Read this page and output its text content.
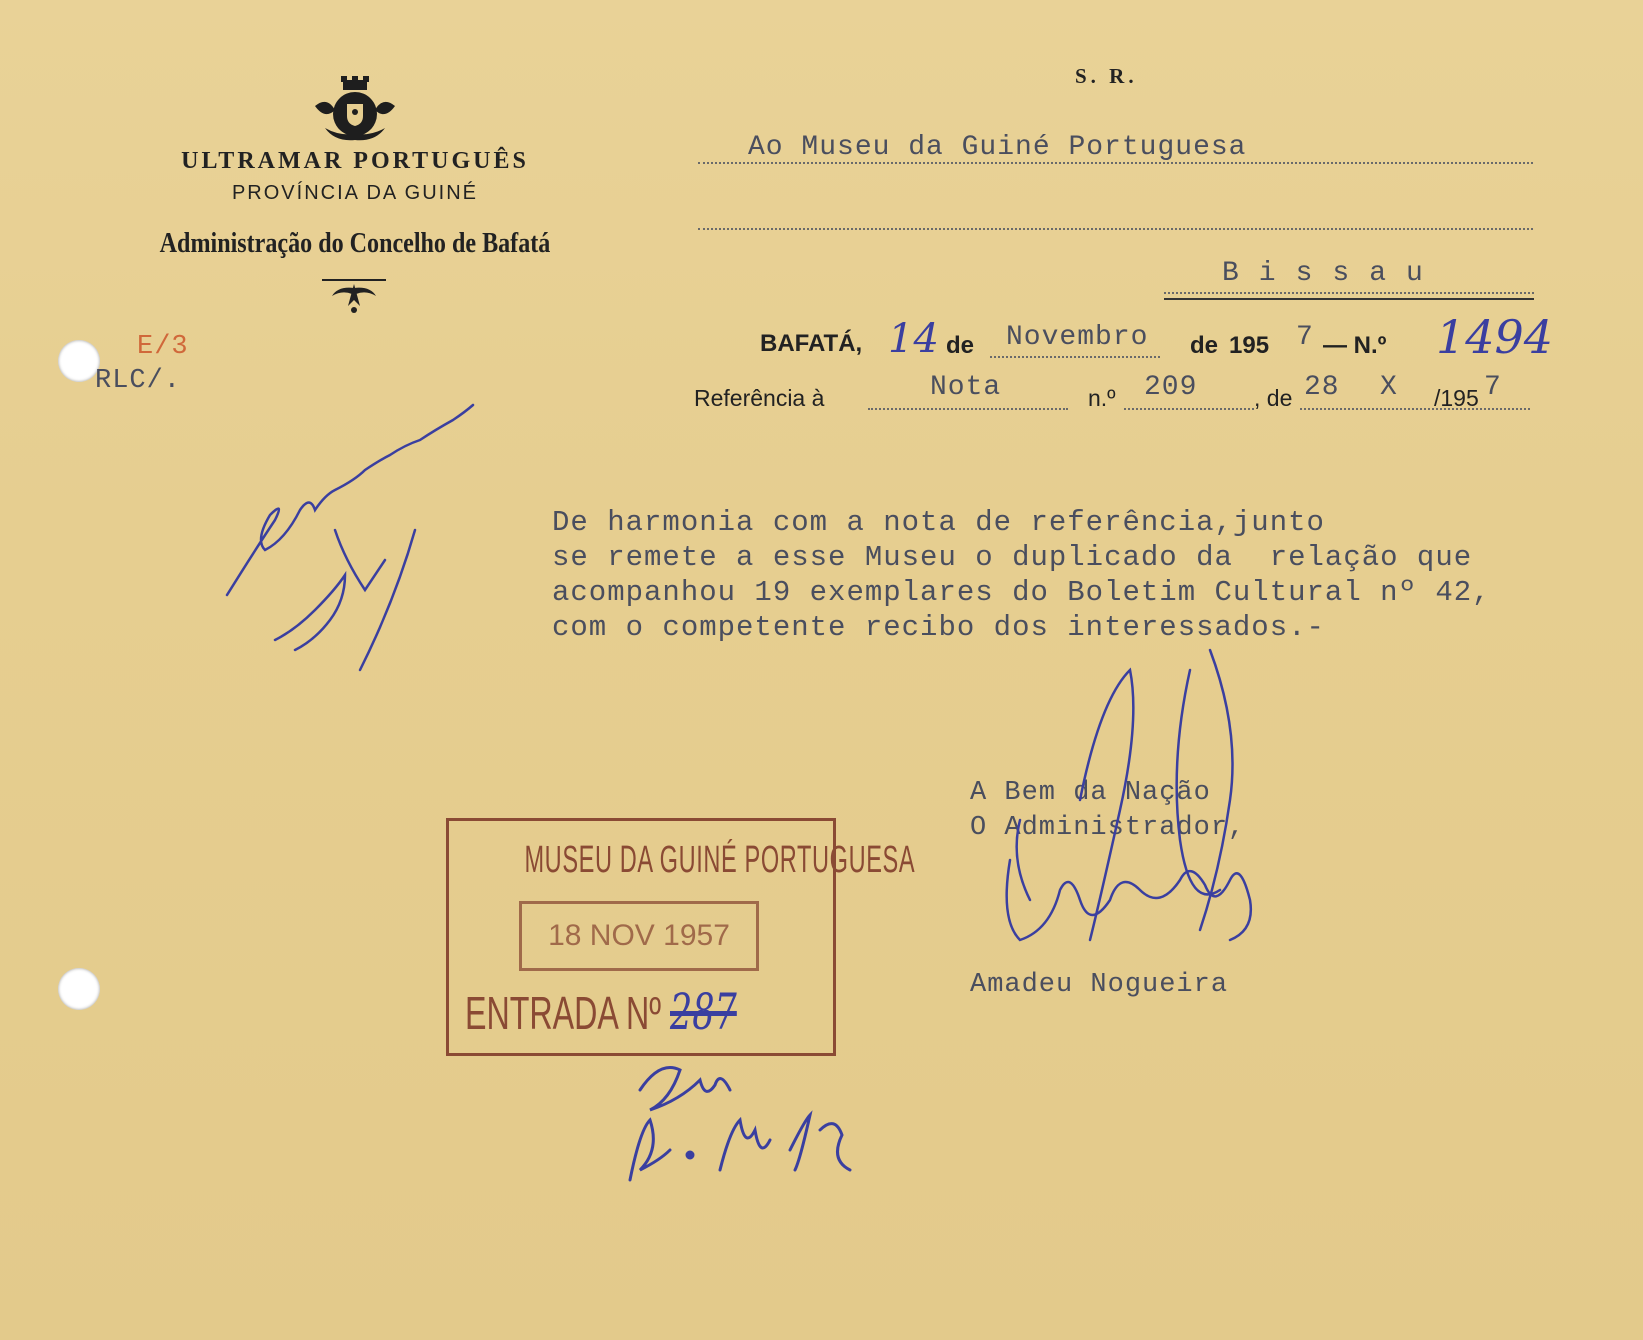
ULTRAMAR PORTUGUÊS
PROVÍNCIA DA GUINÉ
Administração do Concelho de Bafatá
S. R.
Ao Museu da Guiné Portuguesa
Bissau
BAFATÁ, 14 de Novembro de 195 7 — N.º 1494
Referência à	Nota	n.º 209 , de 28 X /195 7
E/3
RLC/.
De harmonia com a nota de referência,junto
se remete a esse Museu o duplicado da  relação que
acompanhou 19 exemplares do Boletim Cultural nº 42,
com o competente recibo dos interessados.-
A Bem da Nação
O Administrador,
Amadeu Nogueira
MUSEU DA GUINÉ PORTUGUESA
18 NOV 1957
ENTRADA Nº 287
